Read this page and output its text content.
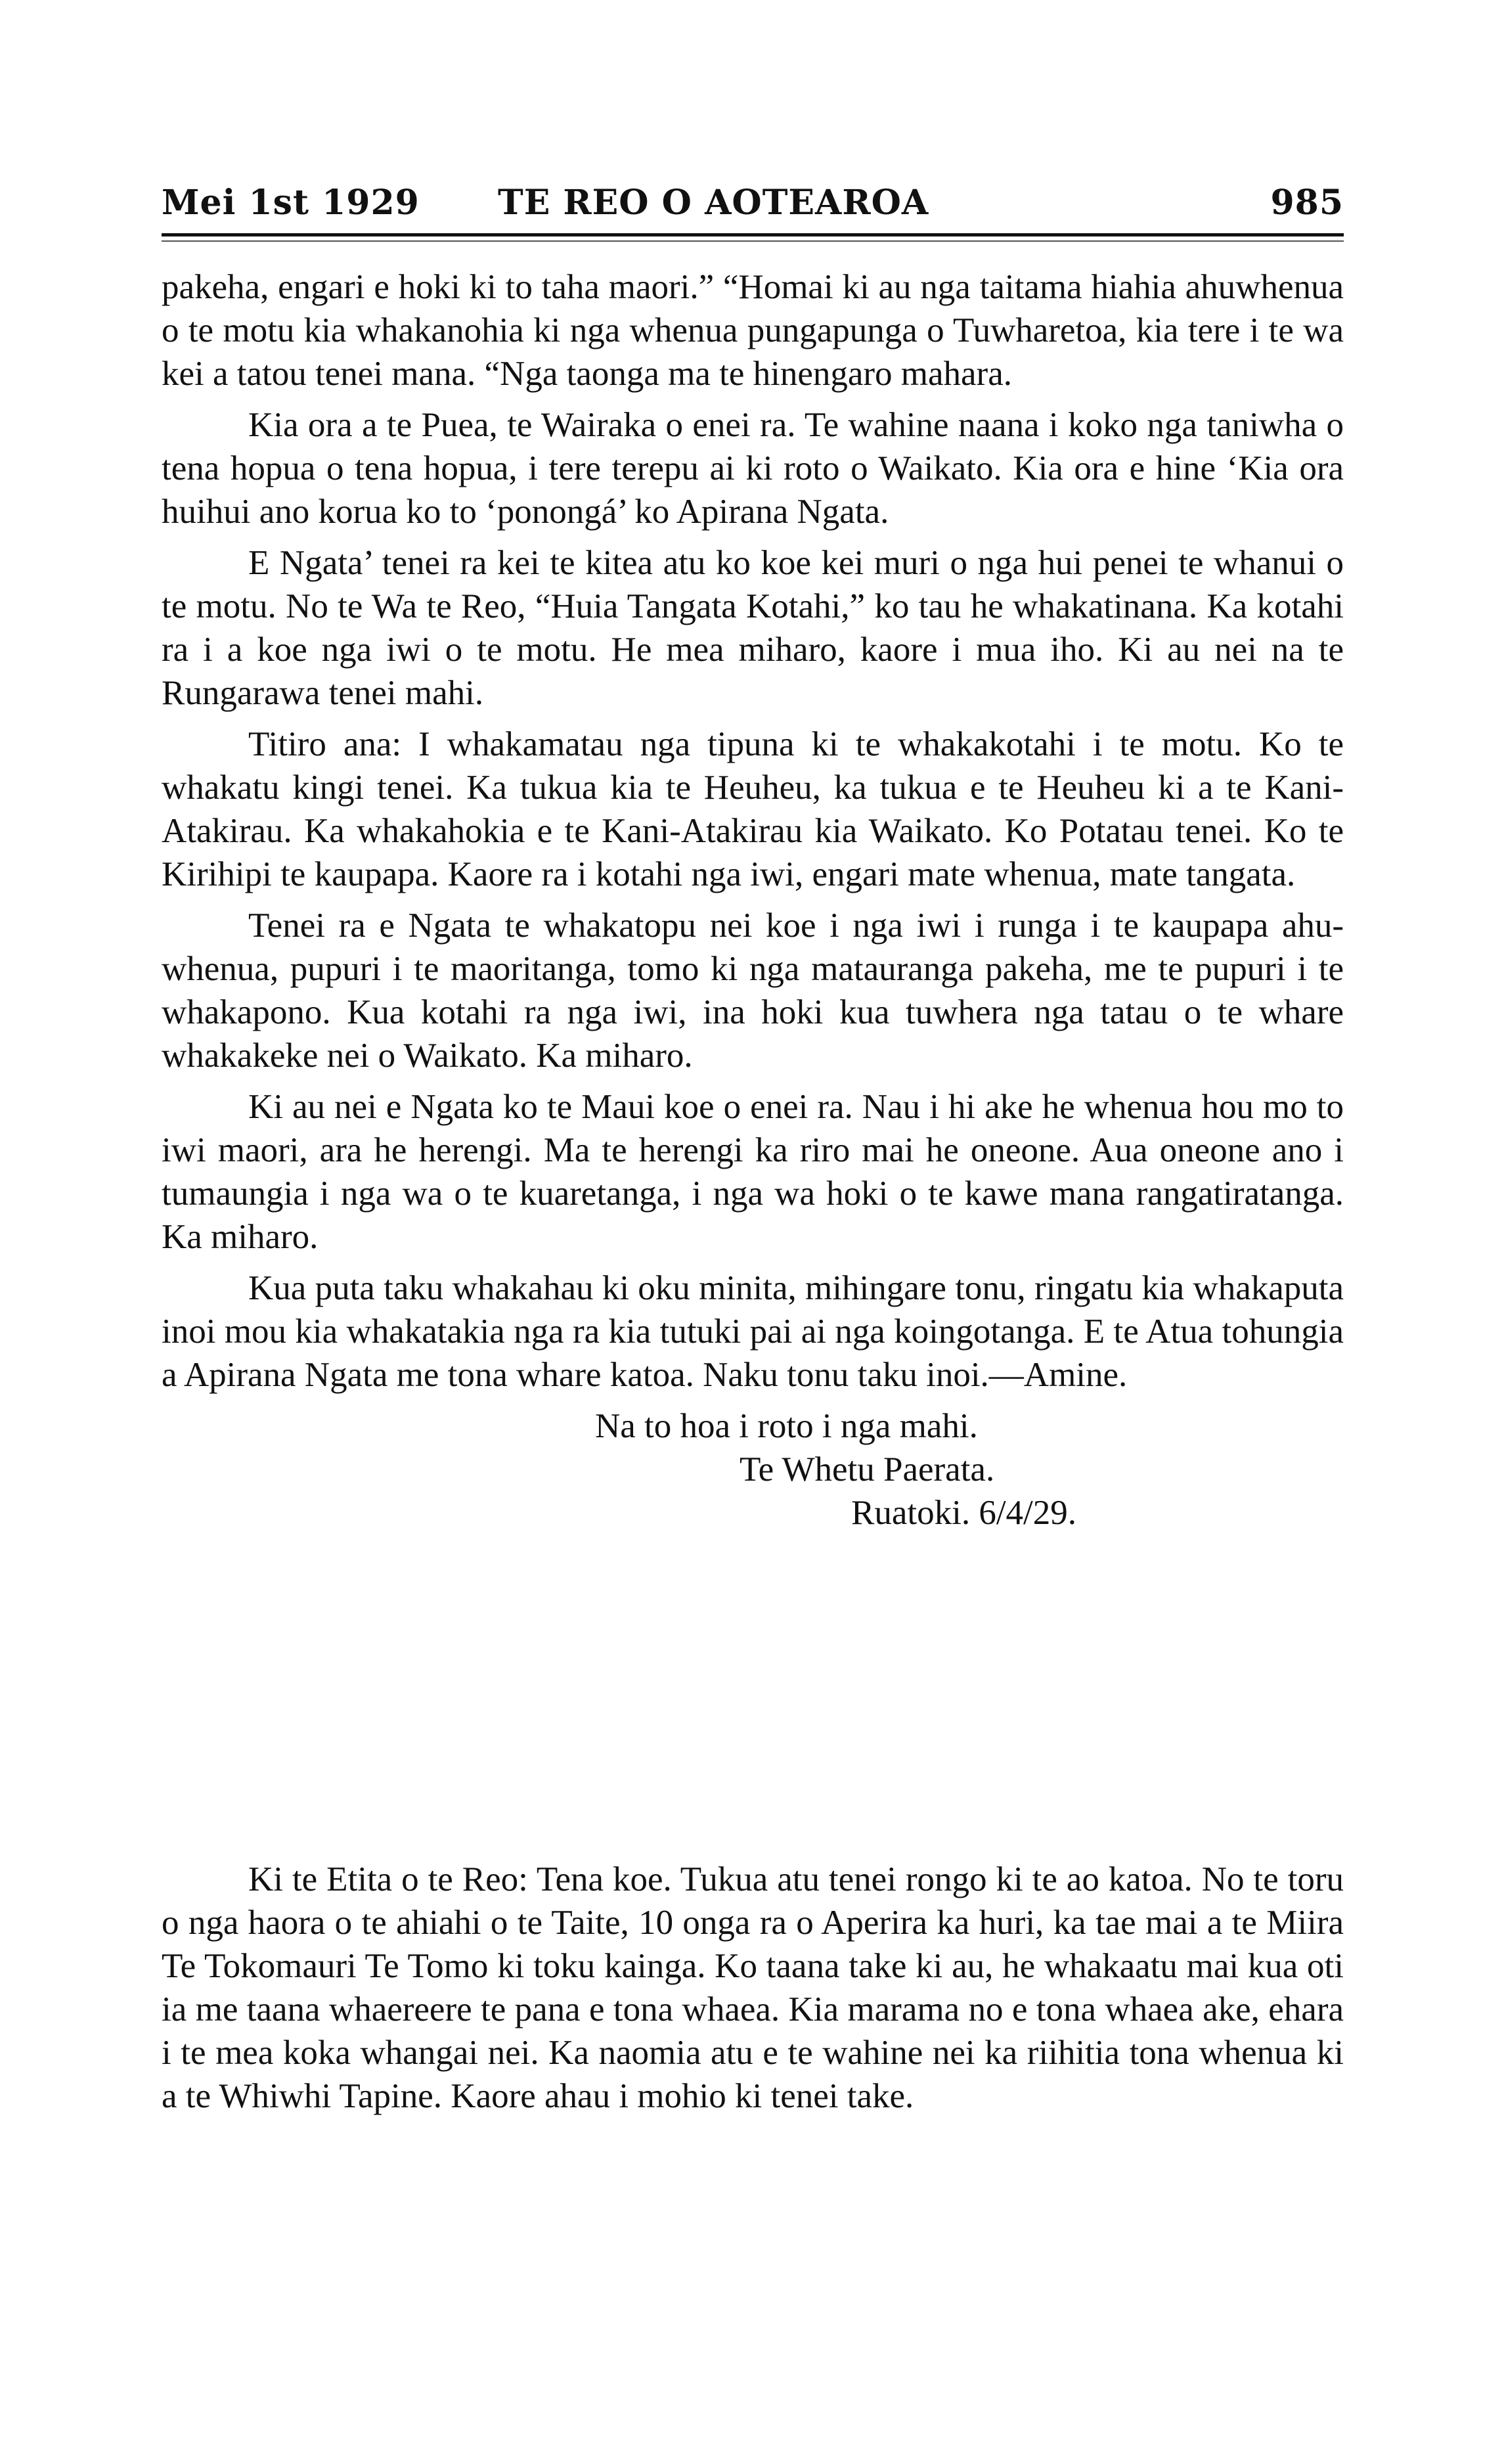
Mei 1st 1929 TE REO O AOTEAROA	985

pakeha, engari e hoki ki to taha maori.” “Homai ki au nga taitama hiahia ahuwhenua o te motu kia whakanohia ki nga whenua pungapunga o Tuwharetoa, kia tere i te wa kei a tatou tenei mana. “Nga taonga ma te hinengaro mahara.

Kia ora a te Puea, te Wairaka o enei ra. Te wahine naana i koko nga taniwha o tena hopua o tena hopua, i tere terepu ai ki roto o Waikato. Kia ora e hine ‘Kia ora huihui ano korua ko to ‘ponongá’ ko Apirana Ngata.

E Ngata’ tenei ra kei te kitea atu ko koe kei muri o nga hui penei te whanui o te motu. No te Wa te Reo, “Huia Tangata Kotahi,” ko tau he whakatinana. Ka kotahi ra i a koe nga iwi o te motu. He mea miharo, kaore i mua iho. Ki au nei na te Rungarawa tenei mahi.

Titiro ana: I whakamatau nga tipuna ki te whakakotahi i te motu. Ko te whakatu kingi tenei. Ka tukua kia te Heuheu, ka tukua e te Heuheu ki a te Kani-Atakirau. Ka whakahokia e te Kani-Atakirau kia Waikato. Ko Potatau tenei. Ko te Kirihipi te kaupapa. Kaore ra i kotahi nga iwi, engari mate whenua, mate tangata.

Tenei ra e Ngata te whakatopu nei koe i nga iwi i runga i te kaupapa ahu-whenua, pupuri i te maoritanga, tomo ki nga matauranga pakeha, me te pupuri i te whakapono. Kua kotahi ra nga iwi, ina hoki kua tuwhera nga tatau o te whare whakakeke nei o Waikato. Ka miharo.

Ki au nei e Ngata ko te Maui koe o enei ra. Nau i hi ake he whenua hou mo to iwi maori, ara he herengi. Ma te herengi ka riro mai he oneone. Aua oneone ano i tumaungia i nga wa o te kuaretanga, i nga wa hoki o te kawe mana rangatiratanga. Ka miharo.

Kua puta taku whakahau ki oku minita, mihingare tonu, ringatu kia whakaputa inoi mou kia whakatakia nga ra kia tutuki pai ai nga koingotanga. E te Atua tohungia a Apirana Ngata me tona whare katoa. Naku tonu taku inoi.—Amine.

Na to hoa i roto i nga mahi.
Te Whetu Paerata.
Ruatoki. 6/4/29.

Ki te Etita o te Reo: Tena koe. Tukua atu tenei rongo ki te ao katoa. No te toru o nga haora o te ahiahi o te Taite, 10 onga ra o Aperira ka huri, ka tae mai a te Miira Te Tokomauri Te Tomo ki toku kainga. Ko taana take ki au, he whakaatu mai kua oti ia me taana whaereere te pana e tona whaea. Kia marama no e tona whaea ake, ehara i te mea koka whangai nei. Ka naomia atu e te wahine nei ka riihitia tona whenua ki a te Whiwhi Tapine. Kaore ahau i mohio ki tenei take.
